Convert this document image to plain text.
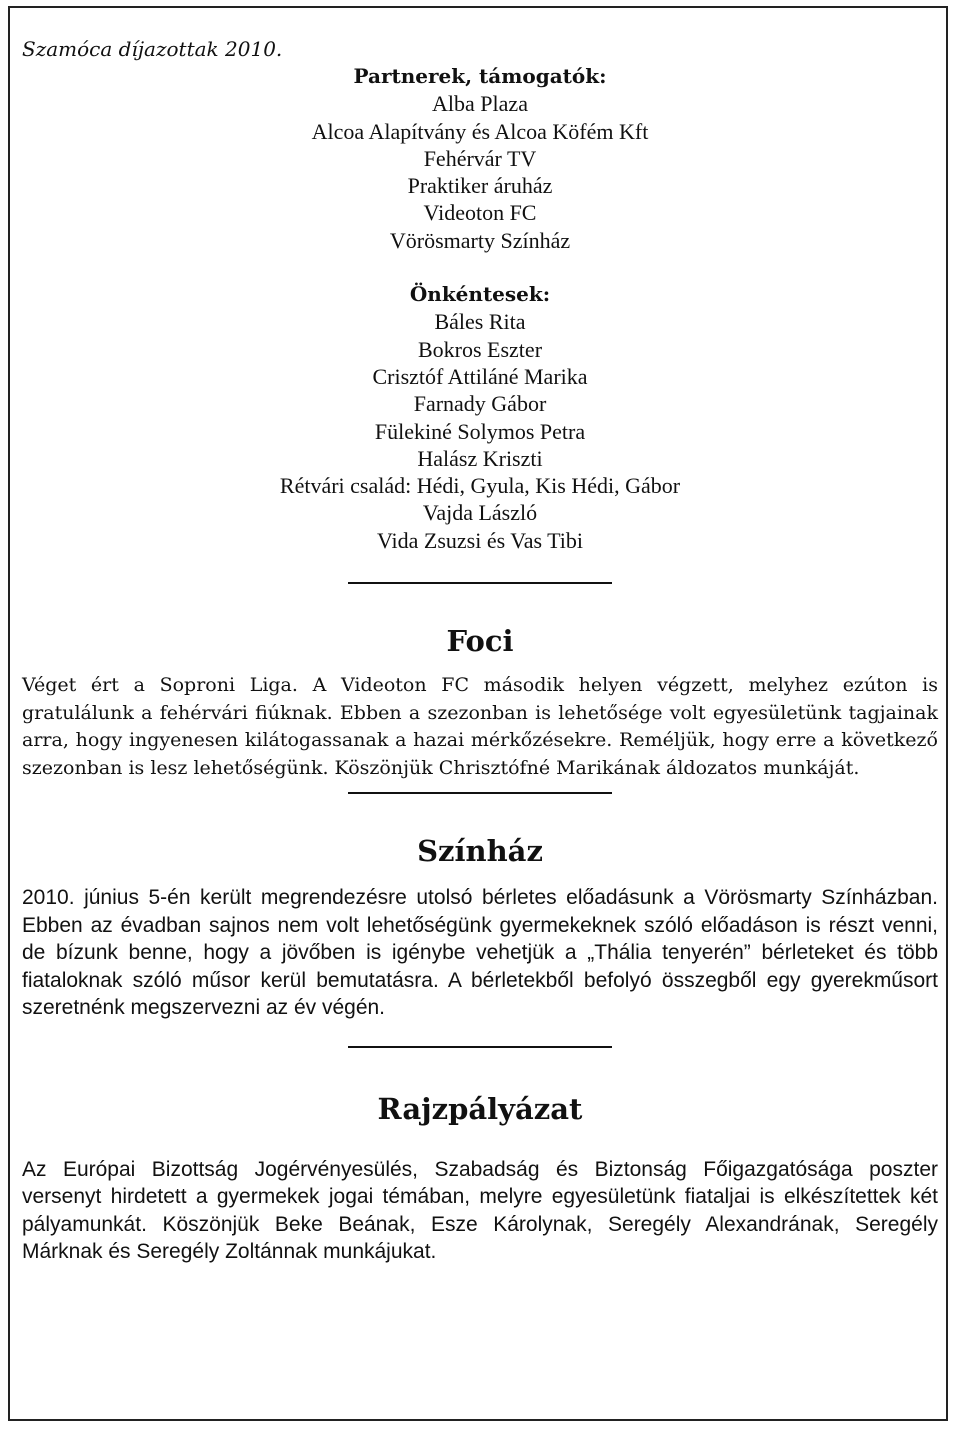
Szamóca díjazottak 2010.

Partnerek, támogatók:
Alba Plaza
Alcoa Alapítvány és Alcoa Köfém Kft
Fehérvár TV
Praktiker áruház
Videoton FC
Vörösmarty Színház
Önkéntesek:
Báles Rita
Bokros Eszter
Crisztóf Attiláné Marika
Farnady Gábor
Fülekiné Solymos Petra
Halász Kriszti
Rétvári család: Hédi, Gyula, Kis Hédi, Gábor
Vajda László
Vida Zsuzsi és Vas Tibi
Foci

Véget ért a Soproni Liga. A Videoton FC második helyen végzett, melyhez ezúton is gratulálunk a fehérvári fiúknak. Ebben a szezonban is lehetősége volt egyesületünk tagjainak arra, hogy ingyenesen kilátogassanak a hazai mérkőzésekre. Reméljük, hogy erre a következő szezonban is lesz lehetőségünk. Köszönjük Chrisztófné Marikának áldozatos munkáját.

Színház

2010. június 5-én került megrendezésre utolsó bérletes előadásunk a Vörösmarty Színházban. Ebben az évadban sajnos nem volt lehetőségünk gyermekeknek szóló előadáson is részt venni, de bízunk benne, hogy a jövőben is igénybe vehetjük a „Thália tenyerén” bérleteket és több fiataloknak szóló műsor kerül bemutatásra. A bérletekből befolyó összegből egy gyerekműsort szeretnénk megszervezni az év végén.

Rajzpályázat

Az Európai Bizottság Jogérvényesülés, Szabadság és Biztonság Főigazgatósága poszter versenyt hirdetett a gyermekek jogai témában, melyre egyesületünk fiataljai is elkészítettek két pályamunkát. Köszönjük Beke Beának, Esze Károlynak, Seregély Alexandrának, Seregély Márknak és Seregély Zoltánnak munkájukat.
